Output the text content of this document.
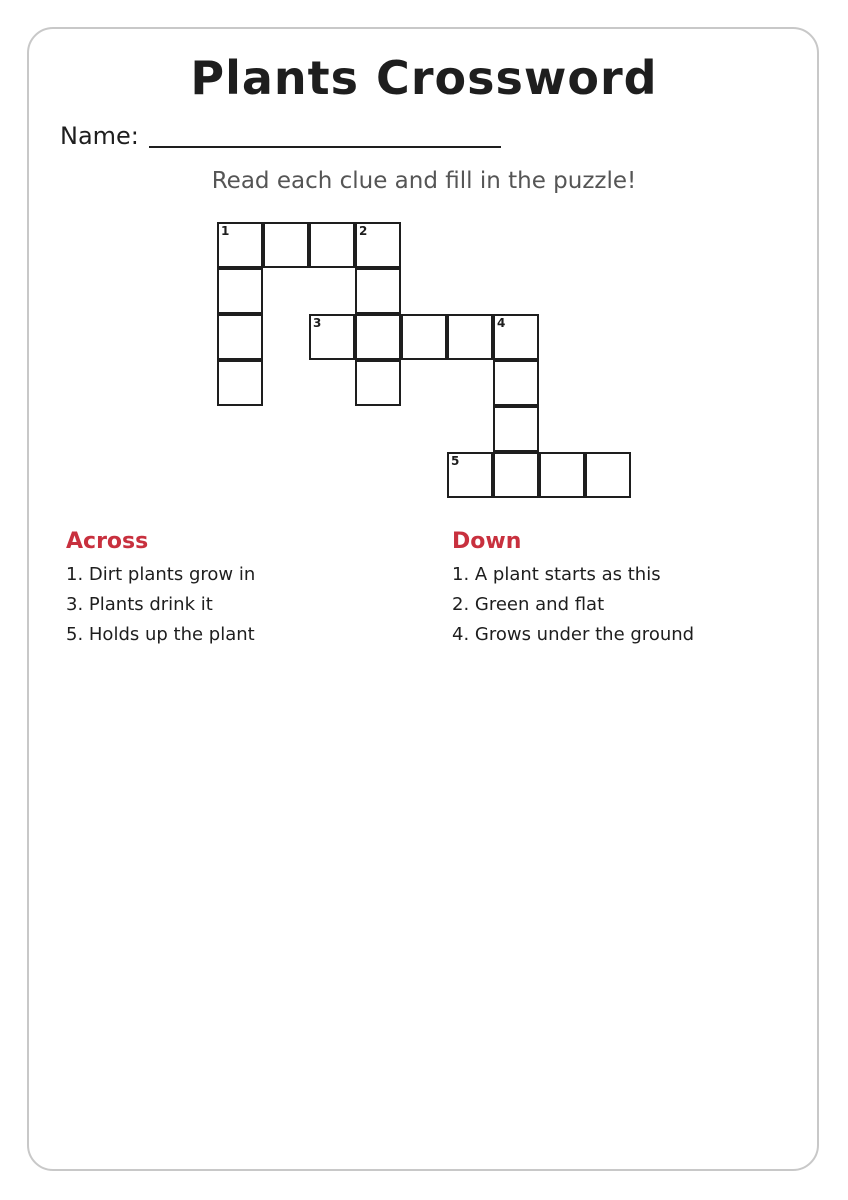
Plants Crossword
Name:
Read each clue and fill in the puzzle!
1	2
3	4
5
Across
1. Dirt plants grow in
3. Plants drink it
5. Holds up the plant
Down
1. A plant starts as this
2. Green and flat
4. Grows under the ground
